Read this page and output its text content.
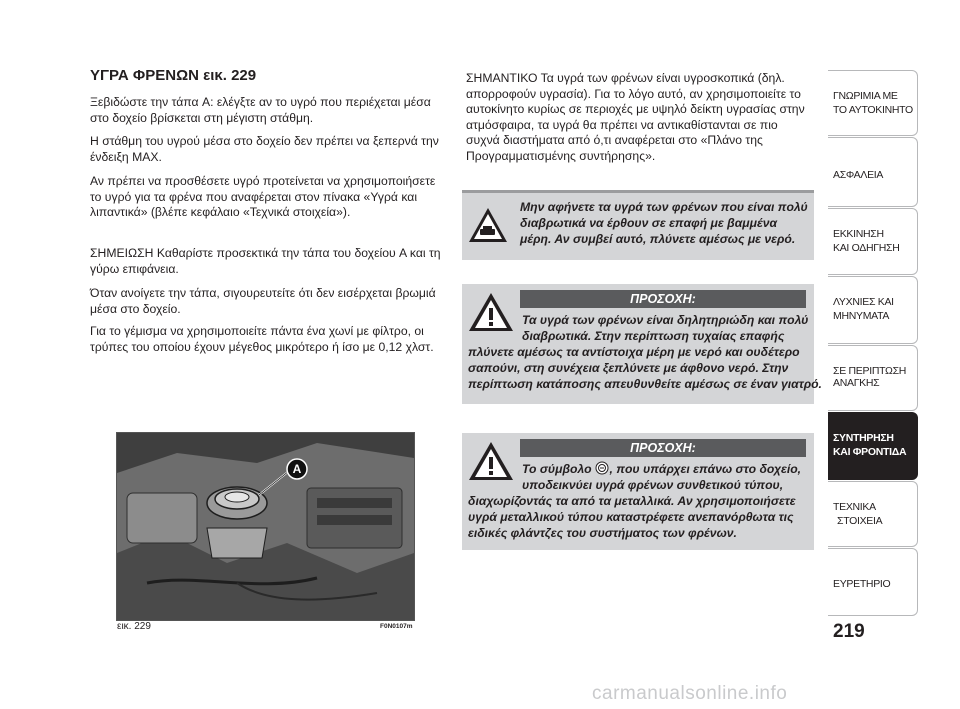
ΥΓΡΑ ΦΡΕΝΩΝ εικ. 229
Ξεβιδώστε την τάπα A: ελέγξτε αν το υγρό που περιέχεται μέσα στο δοχείο βρίσκεται στη μέγιστη στάθμη.
Η στάθμη του υγρού μέσα στο δοχείο δεν πρέπει να ξεπερνά την ένδειξη MAX.
Αν πρέπει να προσθέσετε υγρό προτείνεται να χρησιμοποιήσετε το υγρό για τα φρένα που αναφέρεται στον πίνακα «Υγρά και λιπαντικά» (βλέπε κεφάλαιο «Τεχνικά στοιχεία»).
ΣΗΜΕΙΩΣΗ Καθαρίστε προσεκτικά την τάπα του δοχείου A και τη γύρω επιφάνεια.
Όταν ανοίγετε την τάπα, σιγουρευτείτε ότι δεν εισέρχεται βρωμιά μέσα στο δοχείο.
Για το γέμισμα να χρησιμοποιείτε πάντα ένα χωνί με φίλτρο, οι τρύπες του οποίου έχουν μέγεθος μικρότερο ή ίσο με 0,12 χλστ.
A
εικ. 229	F0N0107m
ΣΗΜΑΝΤΙΚΟ Τα υγρά των φρένων είναι υγροσκοπικά (δηλ. απορροφούν υγρασία). Για το λόγο αυτό, αν χρησιμοποιείτε το αυτοκίνητο κυρίως σε περιοχές με υψηλό δείκτη υγρασίας στην ατμόσφαιρα, τα υγρά θα πρέπει να αντικαθίστανται σε πιο συχνά διαστήματα από ό,τι αναφέρεται στο «Πλάνο της Προγραμματισμένης συντήρησης».
Μην αφήνετε τα υγρά των φρένων που είναι πολύ διαβρωτικά να έρθουν σε επαφή με βαμμένα μέρη. Αν συμβεί αυτό, πλύνετε αμέσως με νερό.
ΠΡΟΣΟΧΗ:
Τα υγρά των φρένων είναι δηλητηριώδη και πολύ
διαβρωτικά. Στην περίπτωση τυχαίας επαφής
πλύνετε αμέσως τα αντίστοιχα μέρη με νερό και ουδέτερο
σαπούνι, στη συνέχεια ξεπλύνετε με άφθονο νερό. Στην
περίπτωση κατάποσης απευθυνθείτε αμέσως σε έναν γιατρό.
ΠΡΟΣΟΧΗ:
Το σύμβολο , που υπάρχει επάνω στο δοχείο,
υποδεικνύει υγρά φρένων συνθετικού τύπου,
διαχωρίζοντάς τα από τα μεταλλικά. Αν χρησιμοποιήσετε
υγρά μεταλλικού τύπου καταστρέφετε ανεπανόρθωτα τις
ειδικές φλάντζες του συστήματος των φρένων.
ΓΝΩΡΙΜΙΑ ΜΕ
ΤΟ ΑΥΤΟΚΙΝΗΤΟ
ΑΣΦΑΛΕΙΑ
ΕΚΚΙΝΗΣΗ
ΚΑΙ ΟΔΗΓΗΣΗ
ΛΥΧΝΙΕΣ ΚΑΙ
ΜΗΝΥΜΑΤΑ
ΣΕ ΠΕΡΙΠΤΩΣΗ
ΑΝΑΓΚΗΣ
ΣΥΝΤΗΡΗΣΗ
ΚΑΙ ΦΡΟΝΤΙΔΑ
ΤΕΧΝΙΚΑ
ΣΤΟΙΧΕΙΑ
ΕΥΡΕΤΗΡΙΟ
219
carmanualsonline.info
